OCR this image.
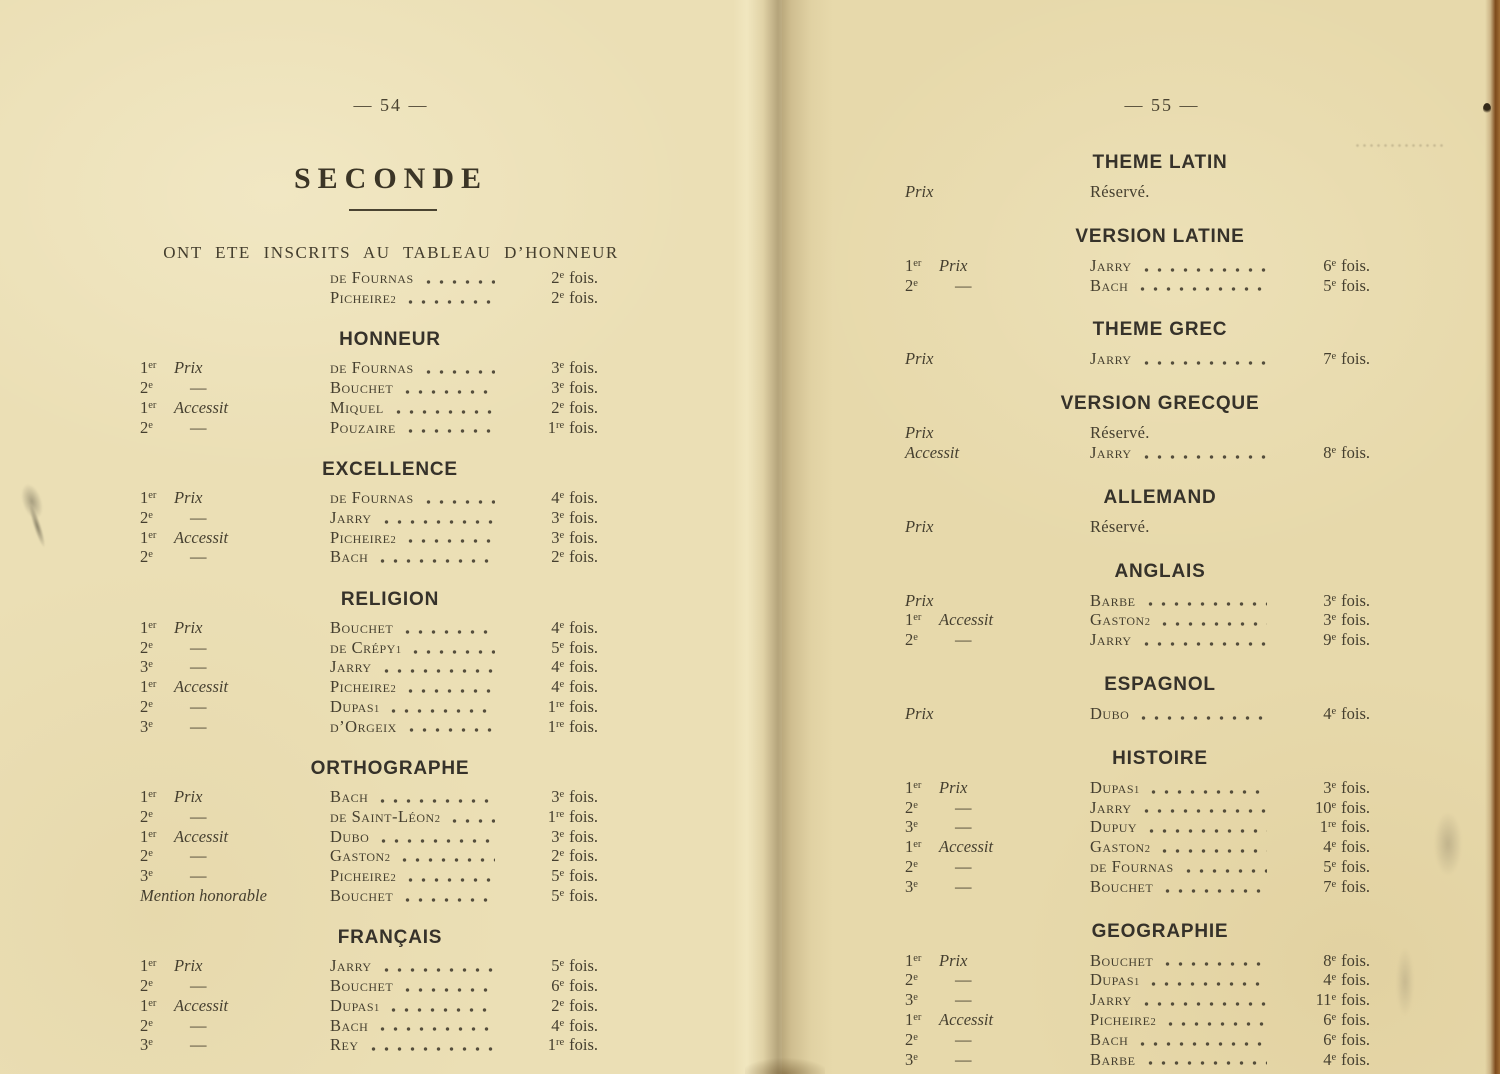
— 54 —
SECONDE
ONT ETE INSCRITS AU TABLEAU D’HONNEUR
de Fournas	2e fois.
Picheire 2	2e fois.
HONNEUR
1er	Prix	de Fournas	3e fois.
2e	—	Bouchet	3e fois.
1er	Accessit	Miquel	2e fois.
2e	—	Pouzaire	1re fois.
EXCELLENCE
1er	Prix	de Fournas	4e fois.
2e	—	Jarry	3e fois.
1er	Accessit	Picheire 2	3e fois.
2e	—	Bach	2e fois.
RELIGION
1er	Prix	Bouchet	4e fois.
2e	—	de Crépy 1	5e fois.
3e	—	Jarry	4e fois.
1er	Accessit	Picheire 2	4e fois.
2e	—	Dupas 1	1re fois.
3e	—	d’Orgeix	1re fois.
ORTHOGRAPHE
1er	Prix	Bach	3e fois.
2e	—	de Saint-Léon 2	1re fois.
1er	Accessit	Dubo	3e fois.
2e	—	Gaston 2	2e fois.
3e	—	Picheire 2	5e fois.
Mention honorable	Bouchet	5e fois.
FRANÇAIS
1er	Prix	Jarry	5e fois.
2e	—	Bouchet	6e fois.
1er	Accessit	Dupas 1	2e fois.
2e	—	Bach	4e fois.
3e	—	Rey	1re fois.
— 55 —
THEME LATIN
Prix	Réservé.
VERSION LATINE
1er	Prix	Jarry	6e fois.
2e	—	Bach	5e fois.
THEME GREC
Prix	Jarry	7e fois.
VERSION GRECQUE
Prix	Réservé.
Accessit	Jarry	8e fois.
ALLEMAND
Prix	Réservé.
ANGLAIS
Prix	Barbe	3e fois.
1er	Accessit	Gaston 2	3e fois.
2e	—	Jarry	9e fois.
ESPAGNOL
Prix	Dubo	4e fois.
HISTOIRE
1er	Prix	Dupas 1	3e fois.
2e	—	Jarry	10e fois.
3e	—	Dupuy	1re fois.
1er	Accessit	Gaston 2	4e fois.
2e	—	de Fournas	5e fois.
3e	—	Bouchet	7e fois.
GEOGRAPHIE
1er	Prix	Bouchet	8e fois.
2e	—	Dupas 1	4e fois.
3e	—	Jarry	11e fois.
1er	Accessit	Picheire 2	6e fois.
2e	—	Bach	6e fois.
3e	—	Barbe	4e fois.
